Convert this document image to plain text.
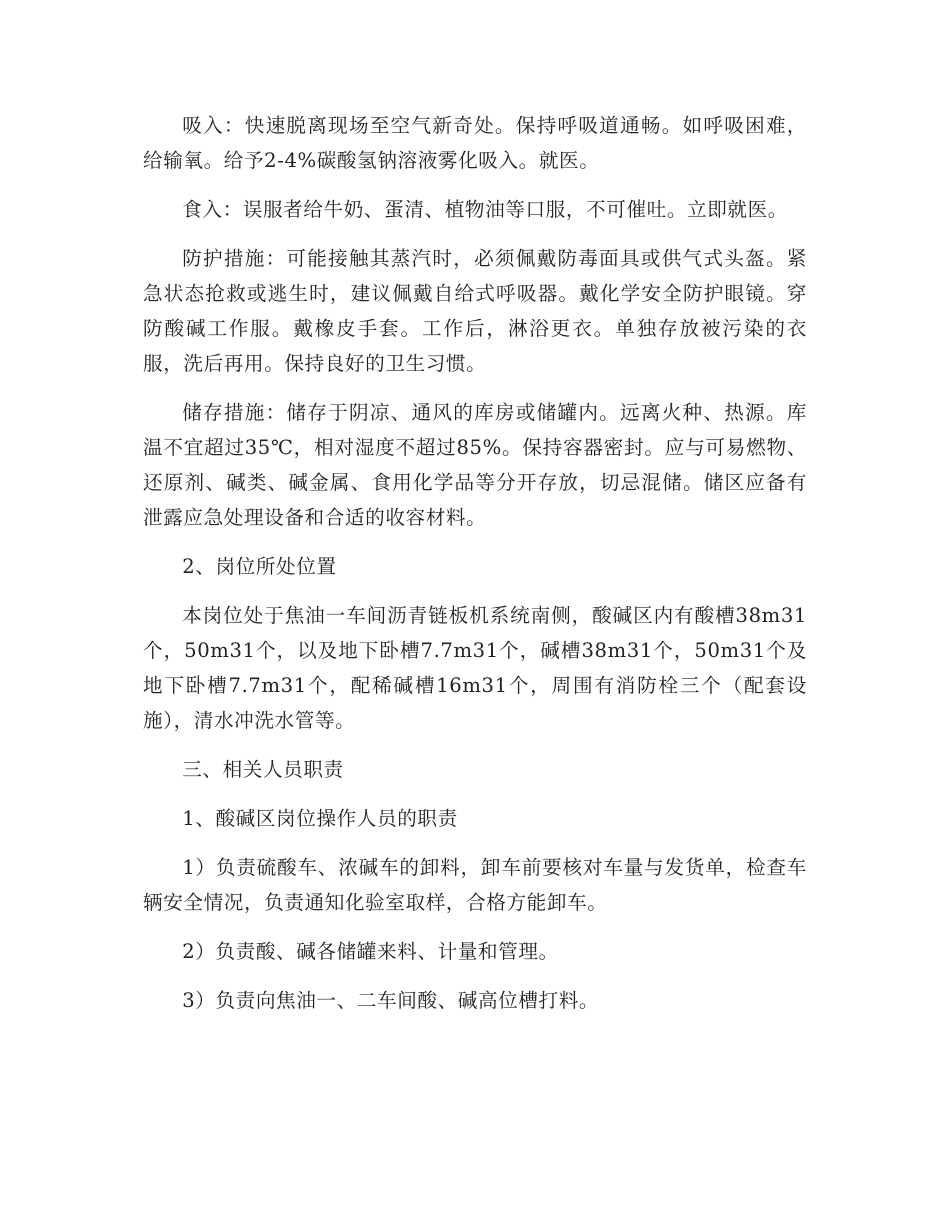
吸入：快速脱离现场至空气新奇处。保持呼吸道通畅。如呼吸困难，给输氧。给予2-4%碳酸氢钠溶液雾化吸入。就医。

食入：误服者给牛奶、蛋清、植物油等口服，不可催吐。立即就医。

防护措施：可能接触其蒸汽时，必须佩戴防毒面具或供气式头盔。紧急状态抢救或逃生时，建议佩戴自给式呼吸器。戴化学安全防护眼镜。穿防酸碱工作服。戴橡皮手套。工作后，淋浴更衣。单独存放被污染的衣服，洗后再用。保持良好的卫生习惯。

储存措施：储存于阴凉、通风的库房或储罐内。远离火种、热源。库温不宜超过35℃，相对湿度不超过85%。保持容器密封。应与可易燃物、还原剂、碱类、碱金属、食用化学品等分开存放，切忌混储。储区应备有泄露应急处理设备和合适的收容材料。

2、岗位所处位置

本岗位处于焦油一车间沥青链板机系统南侧，酸碱区内有酸槽38m31个，50m31个，以及地下卧槽7.7m31个，碱槽38m31个，50m31个及地下卧槽7.7m31个，配稀碱槽16m31个，周围有消防栓三个（配套设施），清水冲洗水管等。

三、相关人员职责

1、酸碱区岗位操作人员的职责

1）负责硫酸车、浓碱车的卸料，卸车前要核对车量与发货单，检查车辆安全情况，负责通知化验室取样，合格方能卸车。

2）负责酸、碱各储罐来料、计量和管理。

3）负责向焦油一、二车间酸、碱高位槽打料。
